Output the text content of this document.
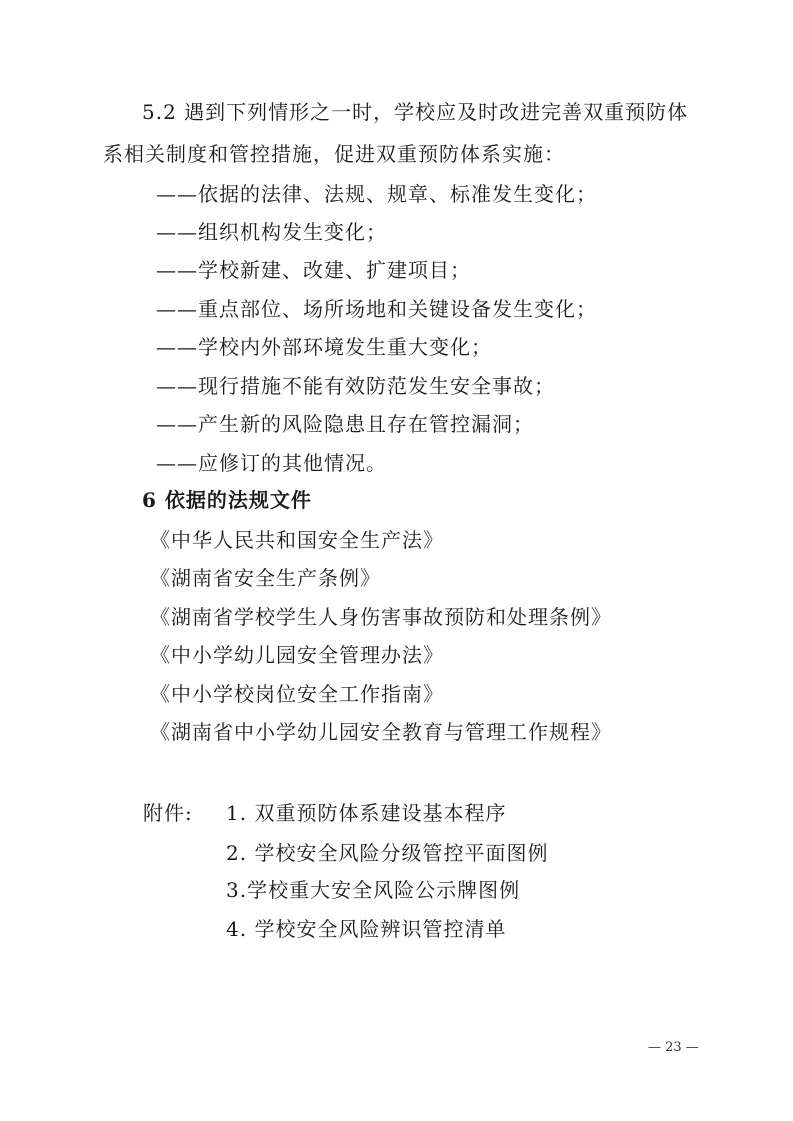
5.2 遇到下列情形之一时，学校应及时改进完善双重预防体
系相关制度和管控措施，促进双重预防体系实施：
——依据的法律、法规、规章、标准发生变化；
——组织机构发生变化；
——学校新建、改建、扩建项目；
——重点部位、场所场地和关键设备发生变化；
——学校内外部环境发生重大变化；
——现行措施不能有效防范发生安全事故；
——产生新的风险隐患且存在管控漏洞；
——应修订的其他情况。
6 依据的法规文件
《中华人民共和国安全生产法》
《湖南省安全生产条例》
《湖南省学校学生人身伤害事故预防和处理条例》
《中小学幼儿园安全管理办法》
《中小学校岗位安全工作指南》
《湖南省中小学幼儿园安全教育与管理工作规程》
附件: 1. 双重预防体系建设基本程序
2. 学校安全风险分级管控平面图例
3.学校重大安全风险公示牌图例
4. 学校安全风险辨识管控清单
— 23 —
